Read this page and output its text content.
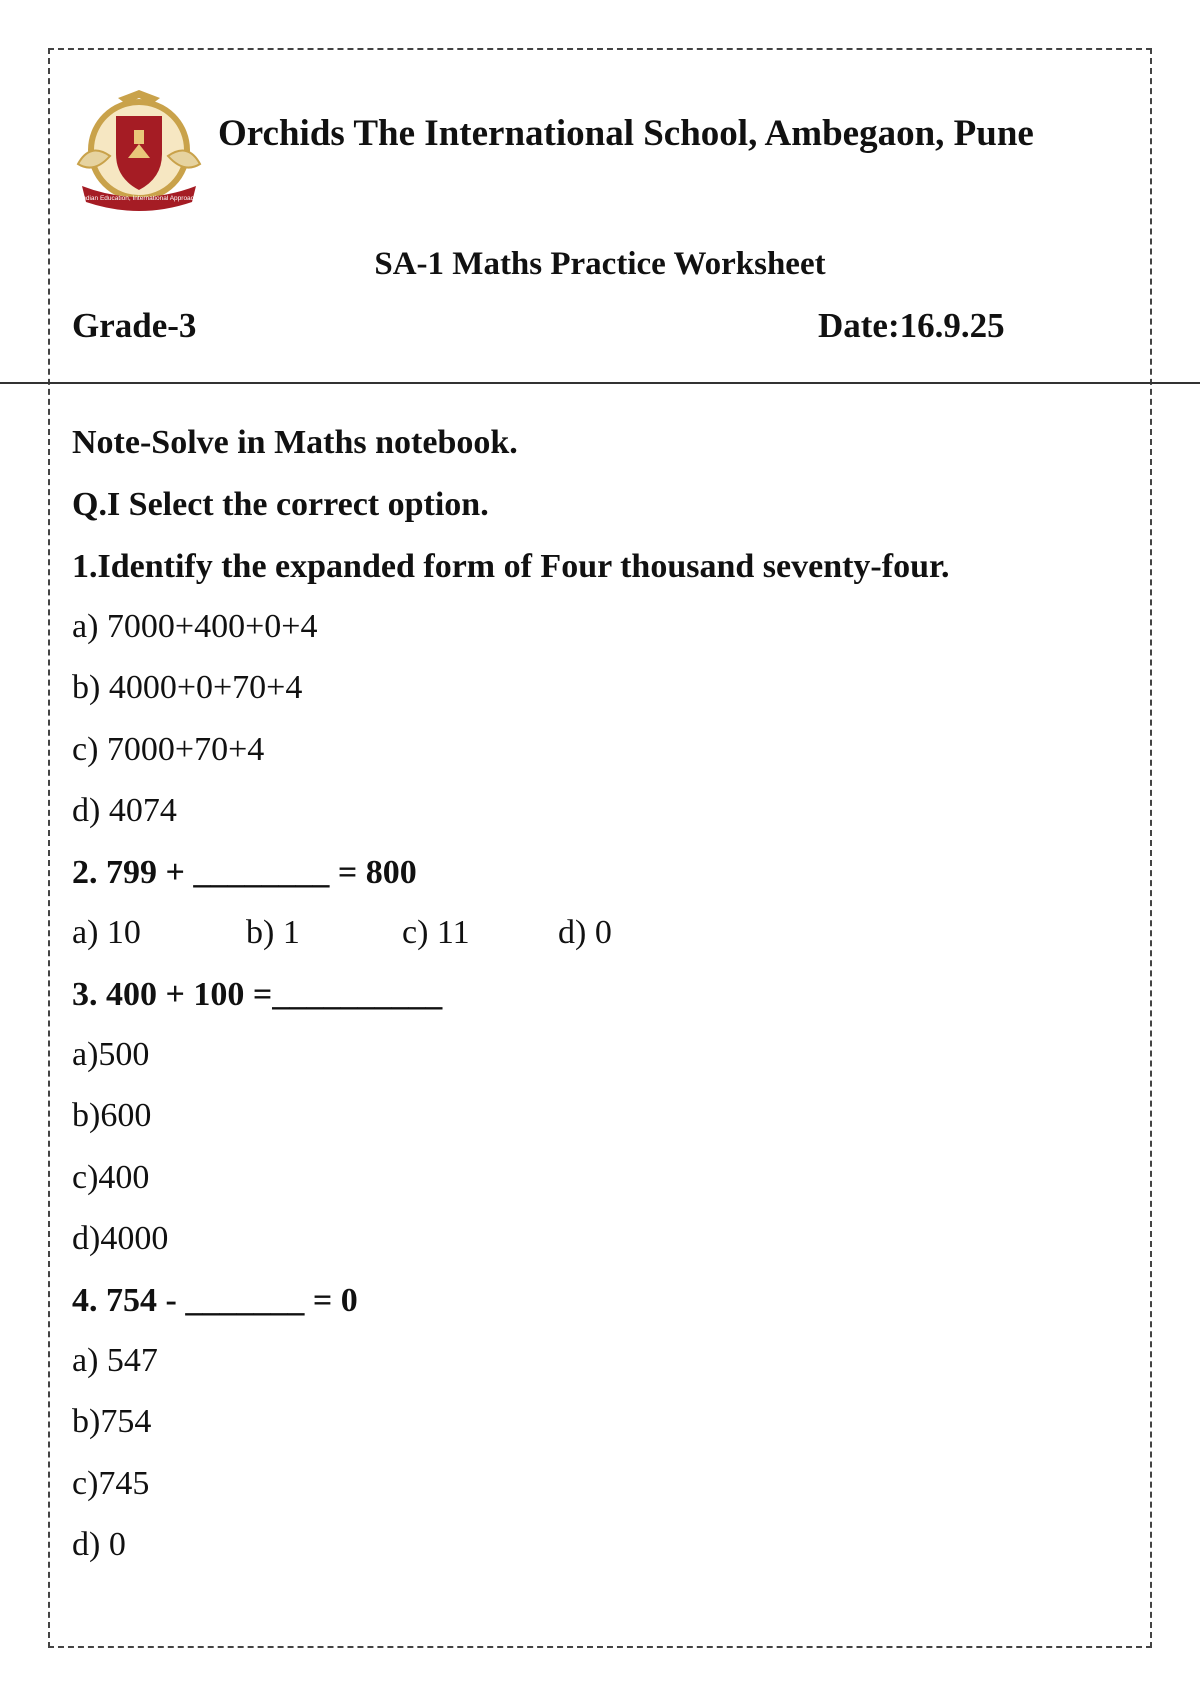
Indian Education, International Approach
Orchids The International School, Ambegaon, Pune
SA-1 Maths Practice Worksheet
Grade-3	Date:16.9.25
Note-Solve in Maths notebook.
Q.I Select the correct option.
1.Identify the expanded form of Four thousand seventy-four.
a) 7000+400+0+4
b) 4000+0+70+4
c) 7000+70+4
d) 4074
2. 799 + ________ = 800
a) 10	b) 1	c) 11	d) 0
3. 400 + 100 =__________
a)500
b)600
c)400
d)4000
4. 754 - _______ = 0
a) 547
b)754
c)745
d) 0
